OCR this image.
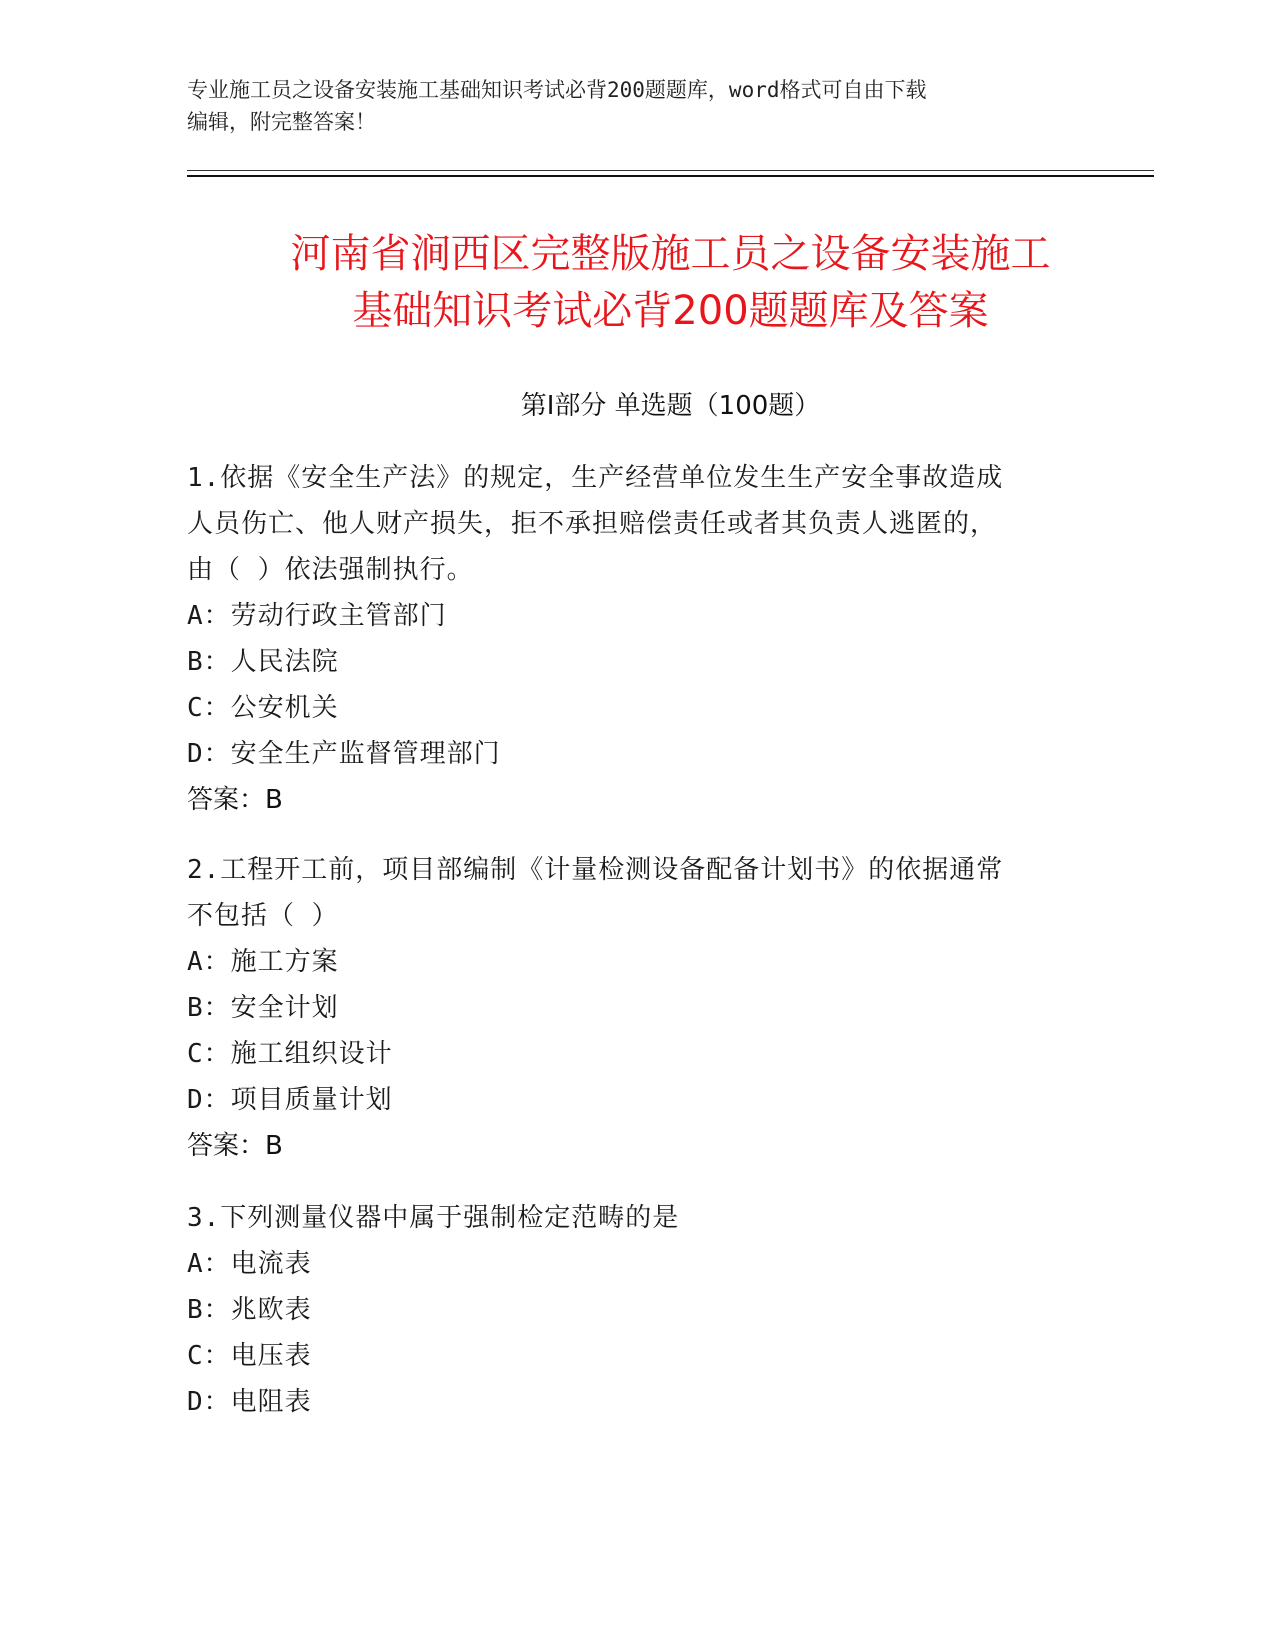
专业施工员之设备安装施工基础知识考试必背200题题库，word格式可自由下载
编辑，附完整答案！
河南省涧西区完整版施工员之设备安装施工
基础知识考试必背200题题库及答案
第Ⅰ部分 单选题（100题）
1.依据《安全生产法》的规定，生产经营单位发生生产安全事故造成
人员伤亡、他人财产损失，拒不承担赔偿责任或者其负责人逃匿的，
由（ ）依法强制执行。
A：劳动行政主管部门
B：人民法院
C：公安机关
D：安全生产监督管理部门
答案：B
2.工程开工前，项目部编制《计量检测设备配备计划书》的依据通常
不包括（ ）
A：施工方案
B：安全计划
C：施工组织设计
D：项目质量计划
答案：B
3.下列测量仪器中属于强制检定范畴的是
A：电流表
B：兆欧表
C：电压表
D：电阻表
